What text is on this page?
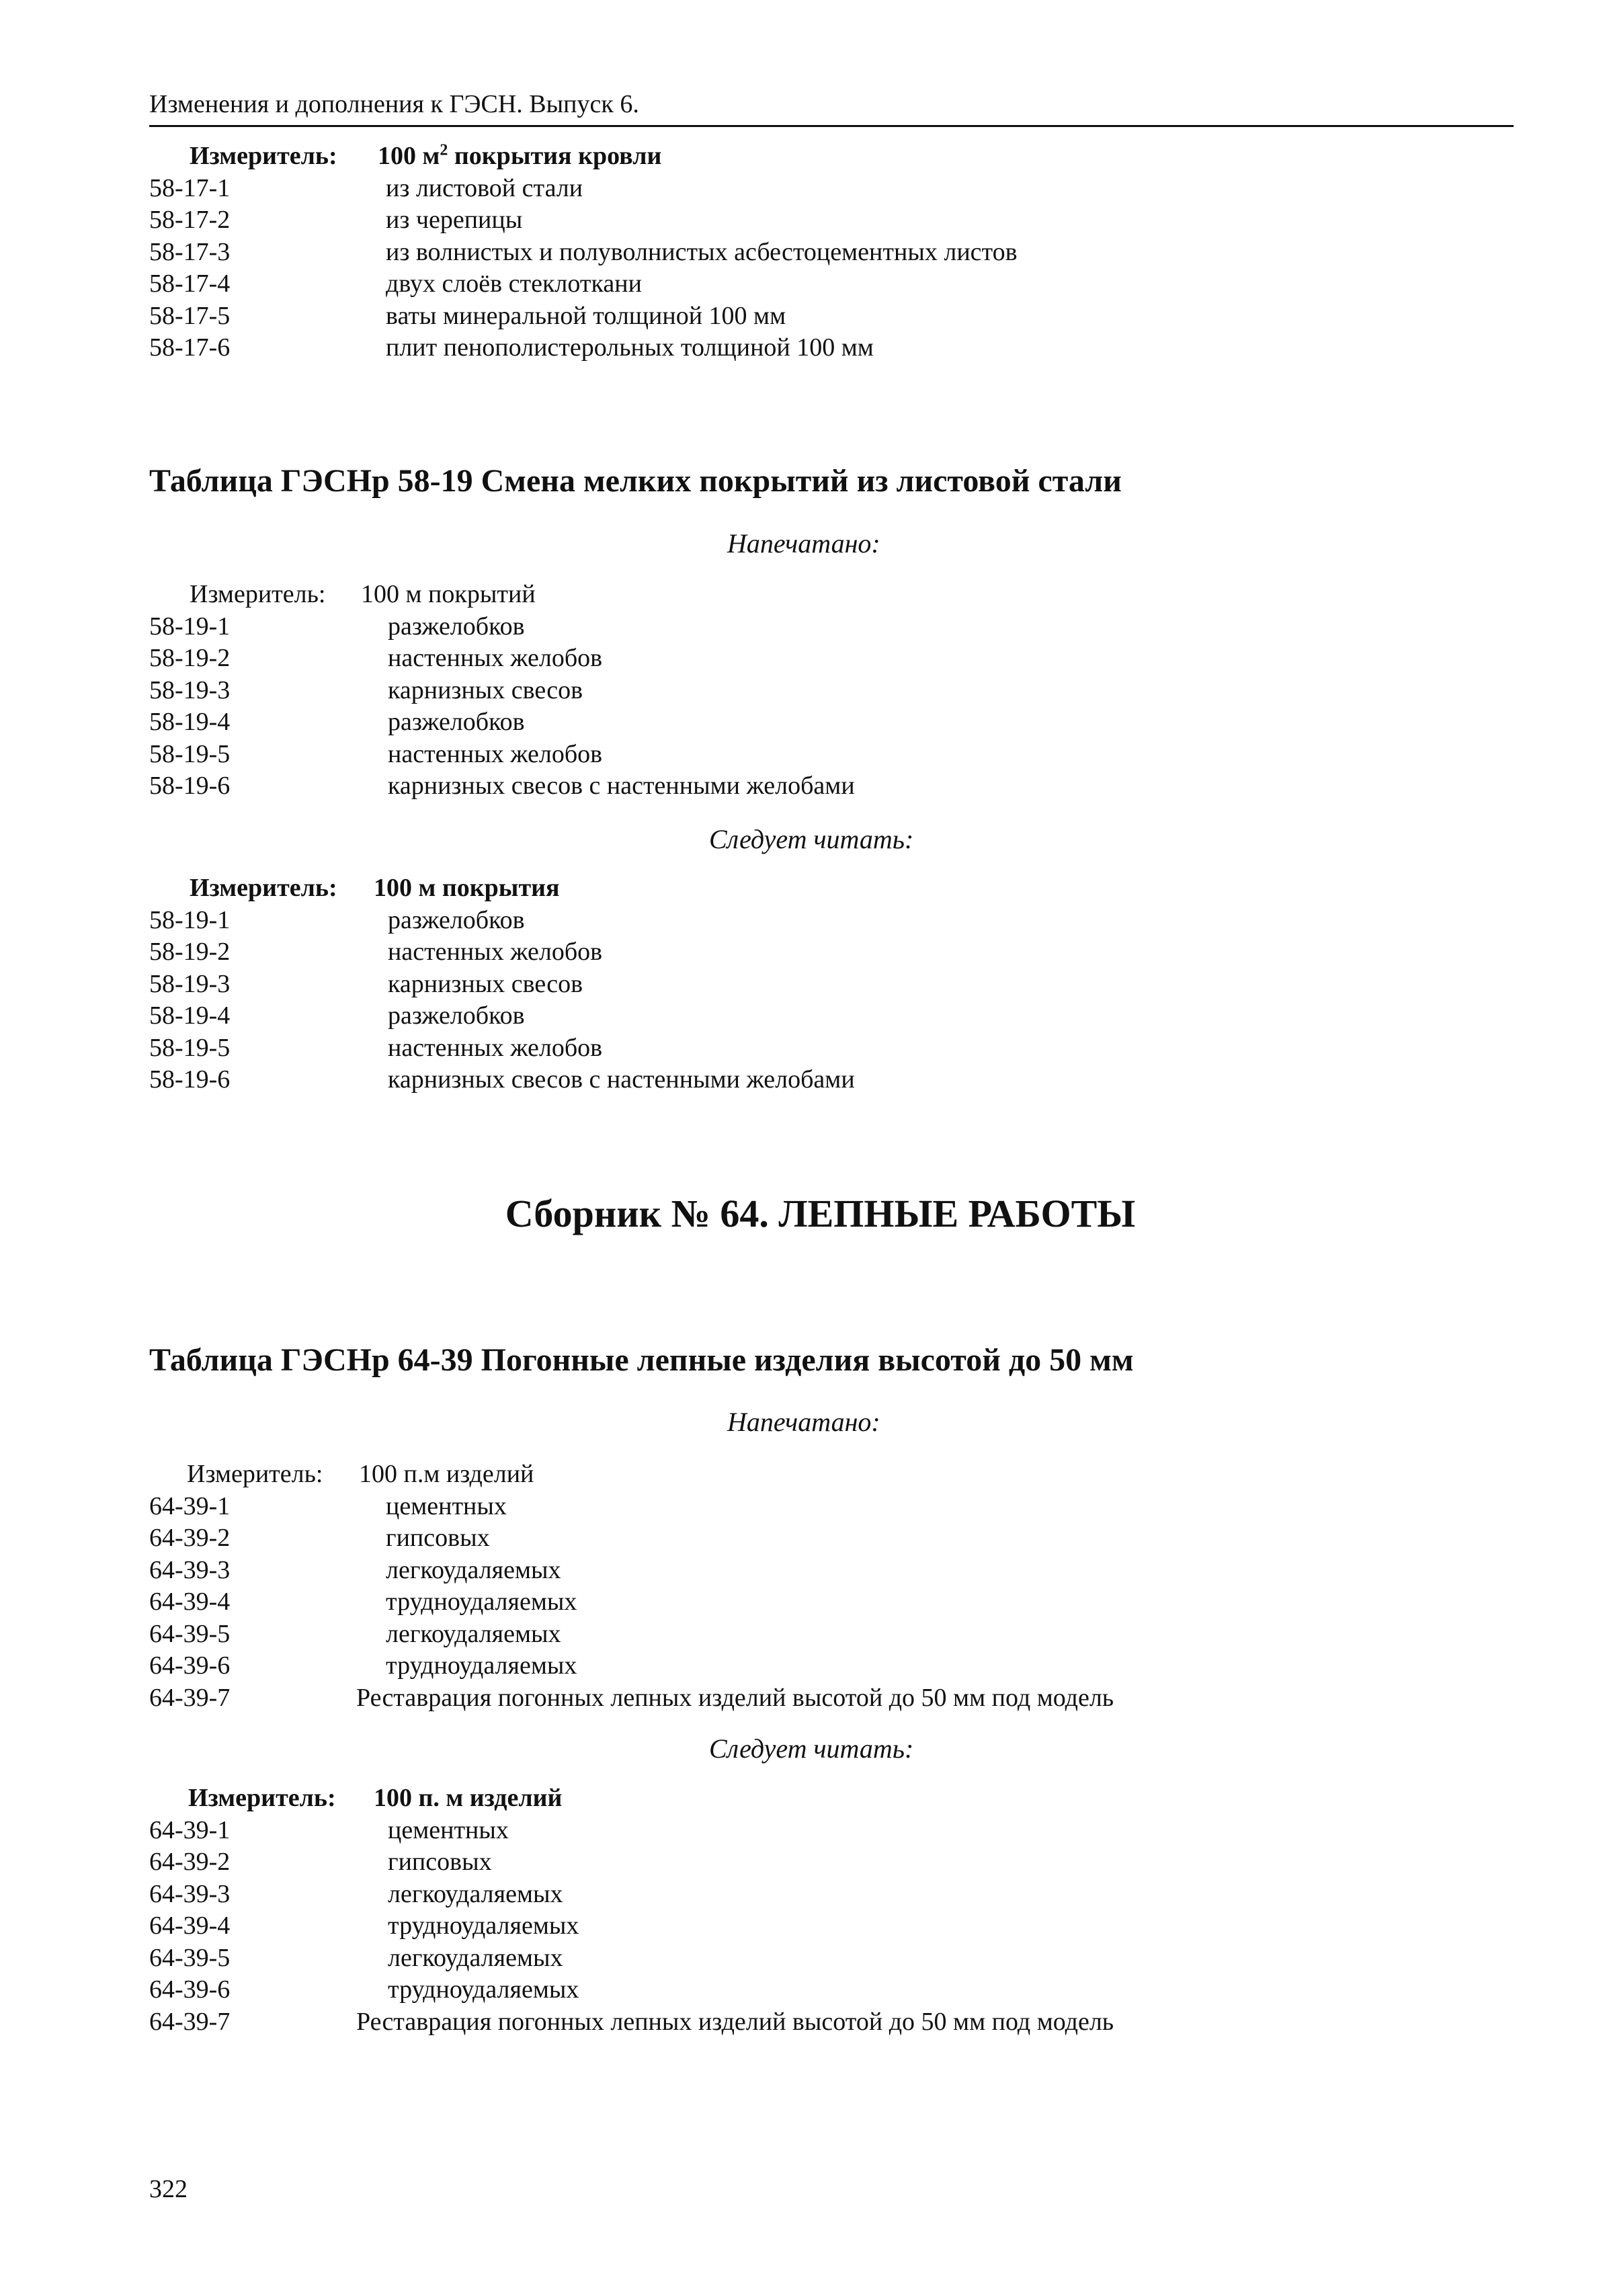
Изменения и дополнения к ГЭСН. Выпуск 6.
Измеритель: 100 $м^2$ покрытия кровли
58-17-1	из листовой стали
58-17-2	из черепицы
58-17-3	из волнистых и полуволнистых асбестоцементных листов
58-17-4	двух слоёв стеклоткани
58-17-5	ваты минеральной толщиной 100 мм
58-17-6	плит пенополистерольных толщиной 100 мм
Таблица ГЭСНр 58-19 Смена мелких покрытий из листовой стали
Напечатано:
Измеритель: 100 м покрытий
58-19-1	разжелобков
58-19-2	настенных желобов
58-19-3	карнизных свесов
58-19-4	разжелобков
58-19-5	настенных желобов
58-19-6	карнизных свесов с настенными желобами
Следует читать:
Измеритель: 100 м покрытия
58-19-1	разжелобков
58-19-2	настенных желобов
58-19-3	карнизных свесов
58-19-4	разжелобков
58-19-5	настенных желобов
58-19-6	карнизных свесов с настенными желобами
Сборник № 64. ЛЕПНЫЕ РАБОТЫ
Таблица ГЭСНр 64-39 Погонные лепные изделия высотой до 50 мм
Напечатано:
Измеритель: 100 п.м изделий
64-39-1	цементных
64-39-2	гипсовых
64-39-3	легкоудаляемых
64-39-4	трудноудаляемых
64-39-5	легкоудаляемых
64-39-6	трудноудаляемых
64-39-7	Реставрация погонных лепных изделий высотой до 50 мм под модель
Следует читать:
Измеритель: 100 п. м изделий
64-39-1	цементных
64-39-2	гипсовых
64-39-3	легкоудаляемых
64-39-4	трудноудаляемых
64-39-5	легкоудаляемых
64-39-6	трудноудаляемых
64-39-7	Реставрация погонных лепных изделий высотой до 50 мм под модель
322
